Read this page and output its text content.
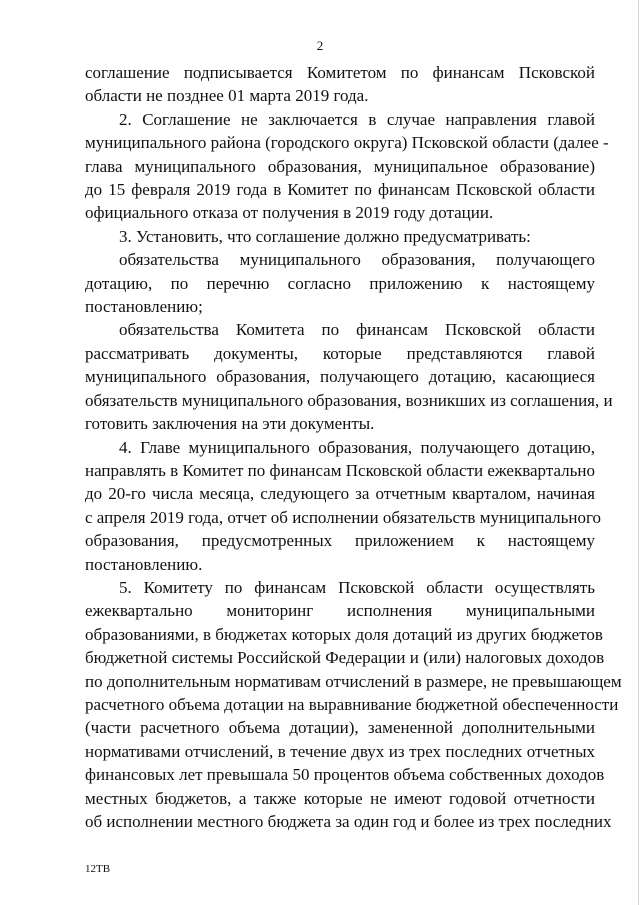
2

соглашение подписывается Комитетом по финансам Псковской
области не позднее 01 марта 2019 года.

2. Соглашение не заключается в случае направления главой
муниципального района (городского округа) Псковской области (далее -
глава муниципального образования, муниципальное образование)
до 15 февраля 2019 года в Комитет по финансам Псковской области
официального отказа от получения в 2019 году дотации.

3. Установить, что соглашение должно предусматривать:

обязательства муниципального образования, получающего
дотацию, по перечню согласно приложению к настоящему
постановлению;

обязательства Комитета по финансам Псковской области
рассматривать документы, которые представляются главой
муниципального образования, получающего дотацию, касающиеся
обязательств муниципального образования, возникших из соглашения, и
готовить заключения на эти документы.

4. Главе муниципального образования, получающего дотацию,
направлять в Комитет по финансам Псковской области ежеквартально
до 20-го числа месяца, следующего за отчетным кварталом, начиная
с апреля 2019 года, отчет об исполнении обязательств муниципального
образования, предусмотренных приложением к настоящему
постановлению.

5. Комитету по финансам Псковской области осуществлять
ежеквартально мониторинг исполнения муниципальными
образованиями, в бюджетах которых доля дотаций из других бюджетов
бюджетной системы Российской Федерации и (или) налоговых доходов
по дополнительным нормативам отчислений в размере, не превышающем
расчетного объема дотации на выравнивание бюджетной обеспеченности
(части расчетного объема дотации), замененной дополнительными
нормативами отчислений, в течение двух из трех последних отчетных
финансовых лет превышала 50 процентов объема собственных доходов
местных бюджетов, а также которые не имеют годовой отчетности
об исполнении местного бюджета за один год и более из трех последних

12ТВ
